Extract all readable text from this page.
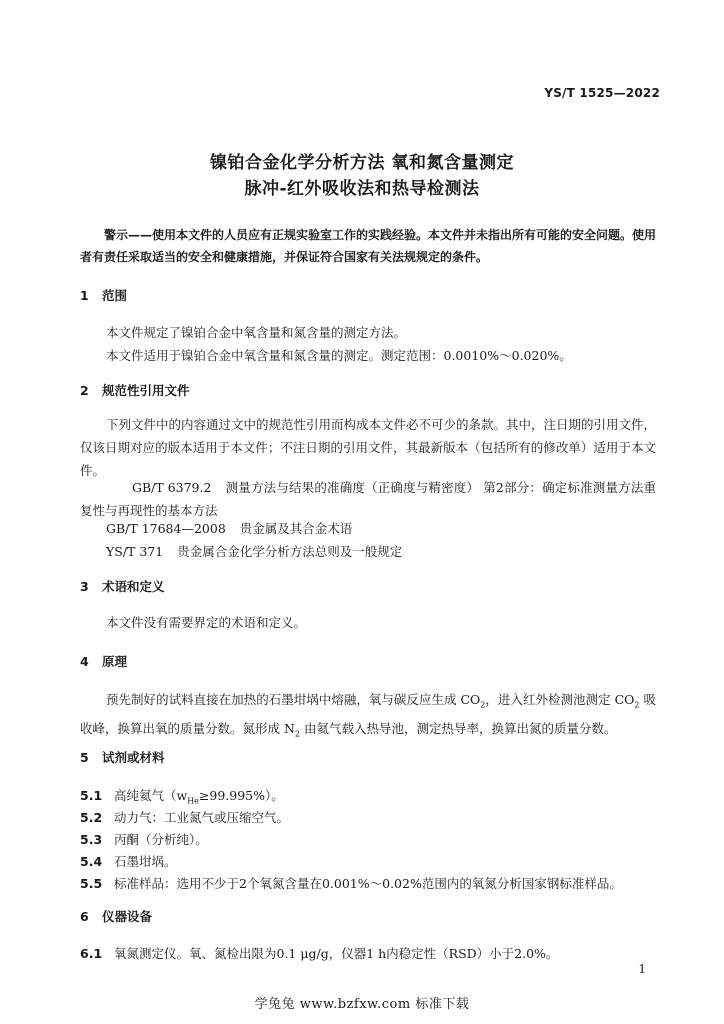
YS/T 1525—2022
镍铂合金化学分析方法 氧和氮含量测定
脉冲-红外吸收法和热导检测法
警示——使用本文件的人员应有正规实验室工作的实践经验。本文件并未指出所有可能的安全问题。使用者有责任采取适当的安全和健康措施，并保证符合国家有关法规规定的条件。
1 范围
本文件规定了镍铂合金中氧含量和氮含量的测定方法。
本文件适用于镍铂合金中氧含量和氮含量的测定。测定范围：0.0010%～0.020%。
2 规范性引用文件
下列文件中的内容通过文中的规范性引用而构成本文件必不可少的条款。其中，注日期的引用文件，仅该日期对应的版本适用于本文件；不注日期的引用文件，其最新版本（包括所有的修改单）适用于本文件。
GB/T 6379.2 测量方法与结果的准确度（正确度与精密度） 第2部分：确定标准测量方法重复性与再现性的基本方法
GB/T 17684—2008 贵金属及其合金术语
YS/T 371 贵金属合金化学分析方法总则及一般规定
3 术语和定义
本文件没有需要界定的术语和定义。
4 原理
预先制好的试料直接在加热的石墨坩埚中熔融，氧与碳反应生成 $CO_2$，进入红外检测池测定 $CO_2$ 吸收峰，换算出氧的质量分数。氮形成 $N_2$ 由氦气载入热导池，测定热导率，换算出氮的质量分数。
5 试剂或材料
5.1 高纯氦气$(w_{He}\ge 99.995\%)$。
5.2 动力气：工业氮气或压缩空气。
5.3 丙酮（分析纯）。
5.4 石墨坩埚。
5.5 标准样品：选用不少于2个氧氮含量在0.001%～0.02%范围内的氧氮分析国家钢标准样品。
6 仪器设备
6.1 氧氮测定仪。氧、氮检出限为0.1 μg/g，仪器1 h内稳定性（RSD）小于2.0%。
1
学兔兔 www.bzfxw.com 标准下载
